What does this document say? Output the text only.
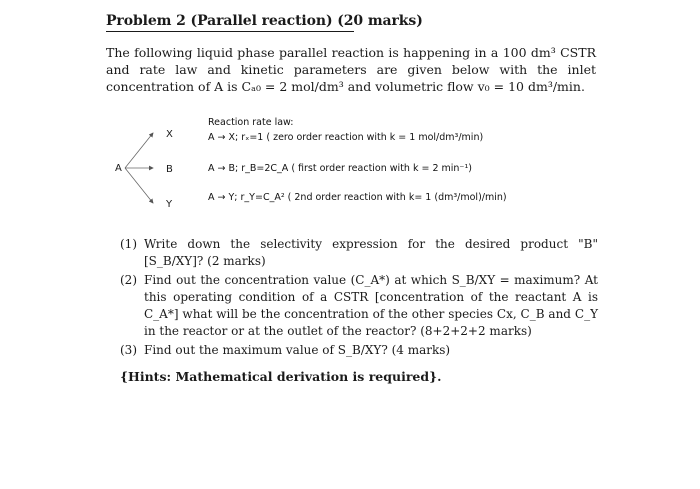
Problem 2 (Parallel reaction) (20 marks)
The following liquid phase parallel reaction is happening in a 100 dm³ CSTR and rate law and kinetic parameters are given below with the inlet concentration of A is Cₐ₀ = 2 mol/dm³ and volumetric flow v₀ = 10 dm³/min.
A
X
B
Y
Reaction rate law:
A → X; rₓ=1 ( zero order reaction with k = 1 mol/dm³/min)
A → B; r_B=2C_A ( first order reaction with k = 2 min⁻¹)
A → Y; r_Y=C_A² ( 2nd order reaction with k= 1 (dm³/mol)/min)
(1) Write down the selectivity expression for the desired product "B" [S_B/XY]? (2 marks)
(2) Find out the concentration value (C_A*) at which S_B/XY = maximum? At this operating condition of a CSTR [concentration of the reactant A is C_A*] what will be the concentration of the other species Cx, C_B and C_Y in the reactor or at the outlet of the reactor? (8+2+2+2 marks)
(3) Find out the maximum value of S_B/XY? (4 marks)
{Hints: Mathematical derivation is required}.
